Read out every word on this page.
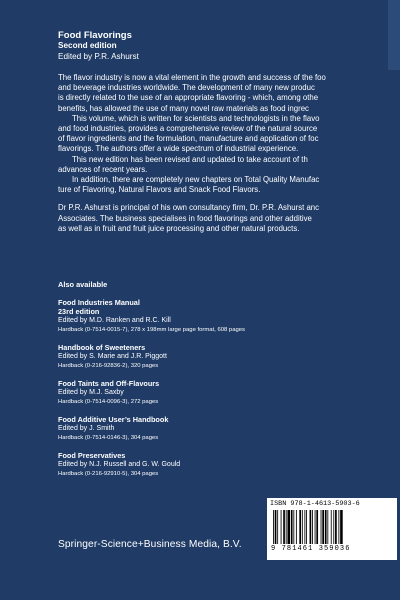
Food Flavorings
Second edition
Edited by P.R. Ashurst
The flavor industry is now a vital element in the growth and success of the foo
and beverage industries worldwide. The development of many new produc
is directly related to the use of an appropriate flavoring - which, among othe
benefits, has allowed the use of many novel raw materials as food ingrec
This volume, which is written for scientists and technologists in the flavo
and food industries, provides a comprehensive review of the natural source
of flavor ingredients and the formulation, manufacture and application of foc
flavorings. The authors offer a wide spectrum of industrial experience.
This new edition has been revised and updated to take account of th
advances of recent years.
In addition, there are completely new chapters on Total Quality Manufac
ture of Flavoring, Natural Flavors and Snack Food Flavors.
Dr P.R. Ashurst is principal of his own consultancy firm, Dr. P.R. Ashurst anc
Associates. The business specialises in food flavorings and other additive
as well as in fruit and fruit juice processing and other natural products.
Also available
Food Industries Manual
23rd edition
Edited by M.D. Ranken and R.C. Kill
Hardback (0-7514-0015-7), 278 x 198mm large page format, 608 pages
Handbook of Sweeteners
Edited by S. Marie and J.R. Piggott
Hardback (0-216-92836-2), 320 pages
Food Taints and Off-Flavours
Edited by M.J. Saxby
Hardback (0-7514-0096-3), 272 pages
Food Additive User’s Handbook
Edited by J. Smith
Hardback (0-7514-0146-3), 304 pages
Food Preservatives
Edited by N.J. Russell and G. W. Gould
Hardback (0-216-92910-5), 304 pages
Springer-Science+Business Media, B.V.
ISBN 978-1-4613-5903-6
9 781461 359036
